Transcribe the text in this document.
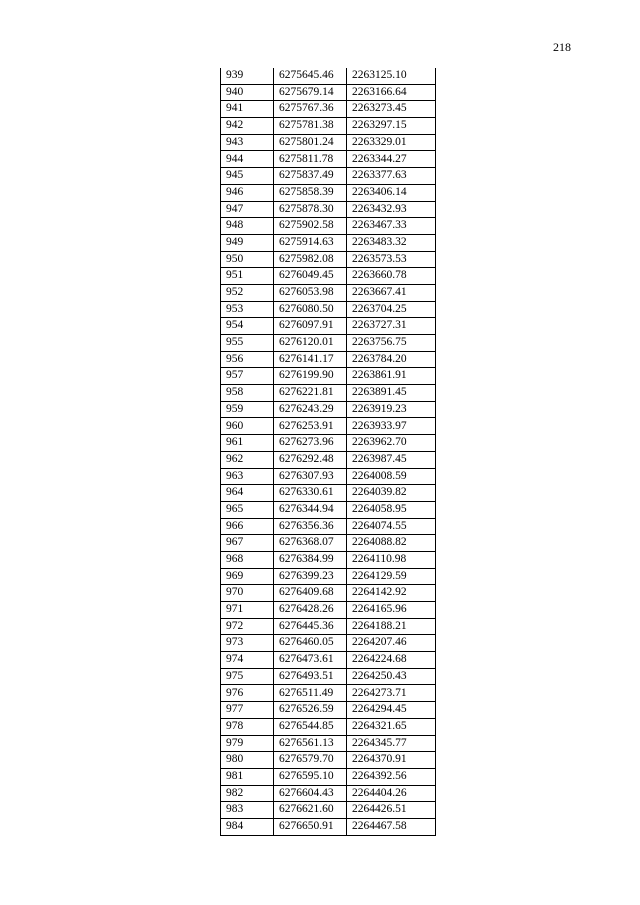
218
939	6275645.46	2263125.10
940	6275679.14	2263166.64
941	6275767.36	2263273.45
942	6275781.38	2263297.15
943	6275801.24	2263329.01
944	6275811.78	2263344.27
945	6275837.49	2263377.63
946	6275858.39	2263406.14
947	6275878.30	2263432.93
948	6275902.58	2263467.33
949	6275914.63	2263483.32
950	6275982.08	2263573.53
951	6276049.45	2263660.78
952	6276053.98	2263667.41
953	6276080.50	2263704.25
954	6276097.91	2263727.31
955	6276120.01	2263756.75
956	6276141.17	2263784.20
957	6276199.90	2263861.91
958	6276221.81	2263891.45
959	6276243.29	2263919.23
960	6276253.91	2263933.97
961	6276273.96	2263962.70
962	6276292.48	2263987.45
963	6276307.93	2264008.59
964	6276330.61	2264039.82
965	6276344.94	2264058.95
966	6276356.36	2264074.55
967	6276368.07	2264088.82
968	6276384.99	2264110.98
969	6276399.23	2264129.59
970	6276409.68	2264142.92
971	6276428.26	2264165.96
972	6276445.36	2264188.21
973	6276460.05	2264207.46
974	6276473.61	2264224.68
975	6276493.51	2264250.43
976	6276511.49	2264273.71
977	6276526.59	2264294.45
978	6276544.85	2264321.65
979	6276561.13	2264345.77
980	6276579.70	2264370.91
981	6276595.10	2264392.56
982	6276604.43	2264404.26
983	6276621.60	2264426.51
984	6276650.91	2264467.58
